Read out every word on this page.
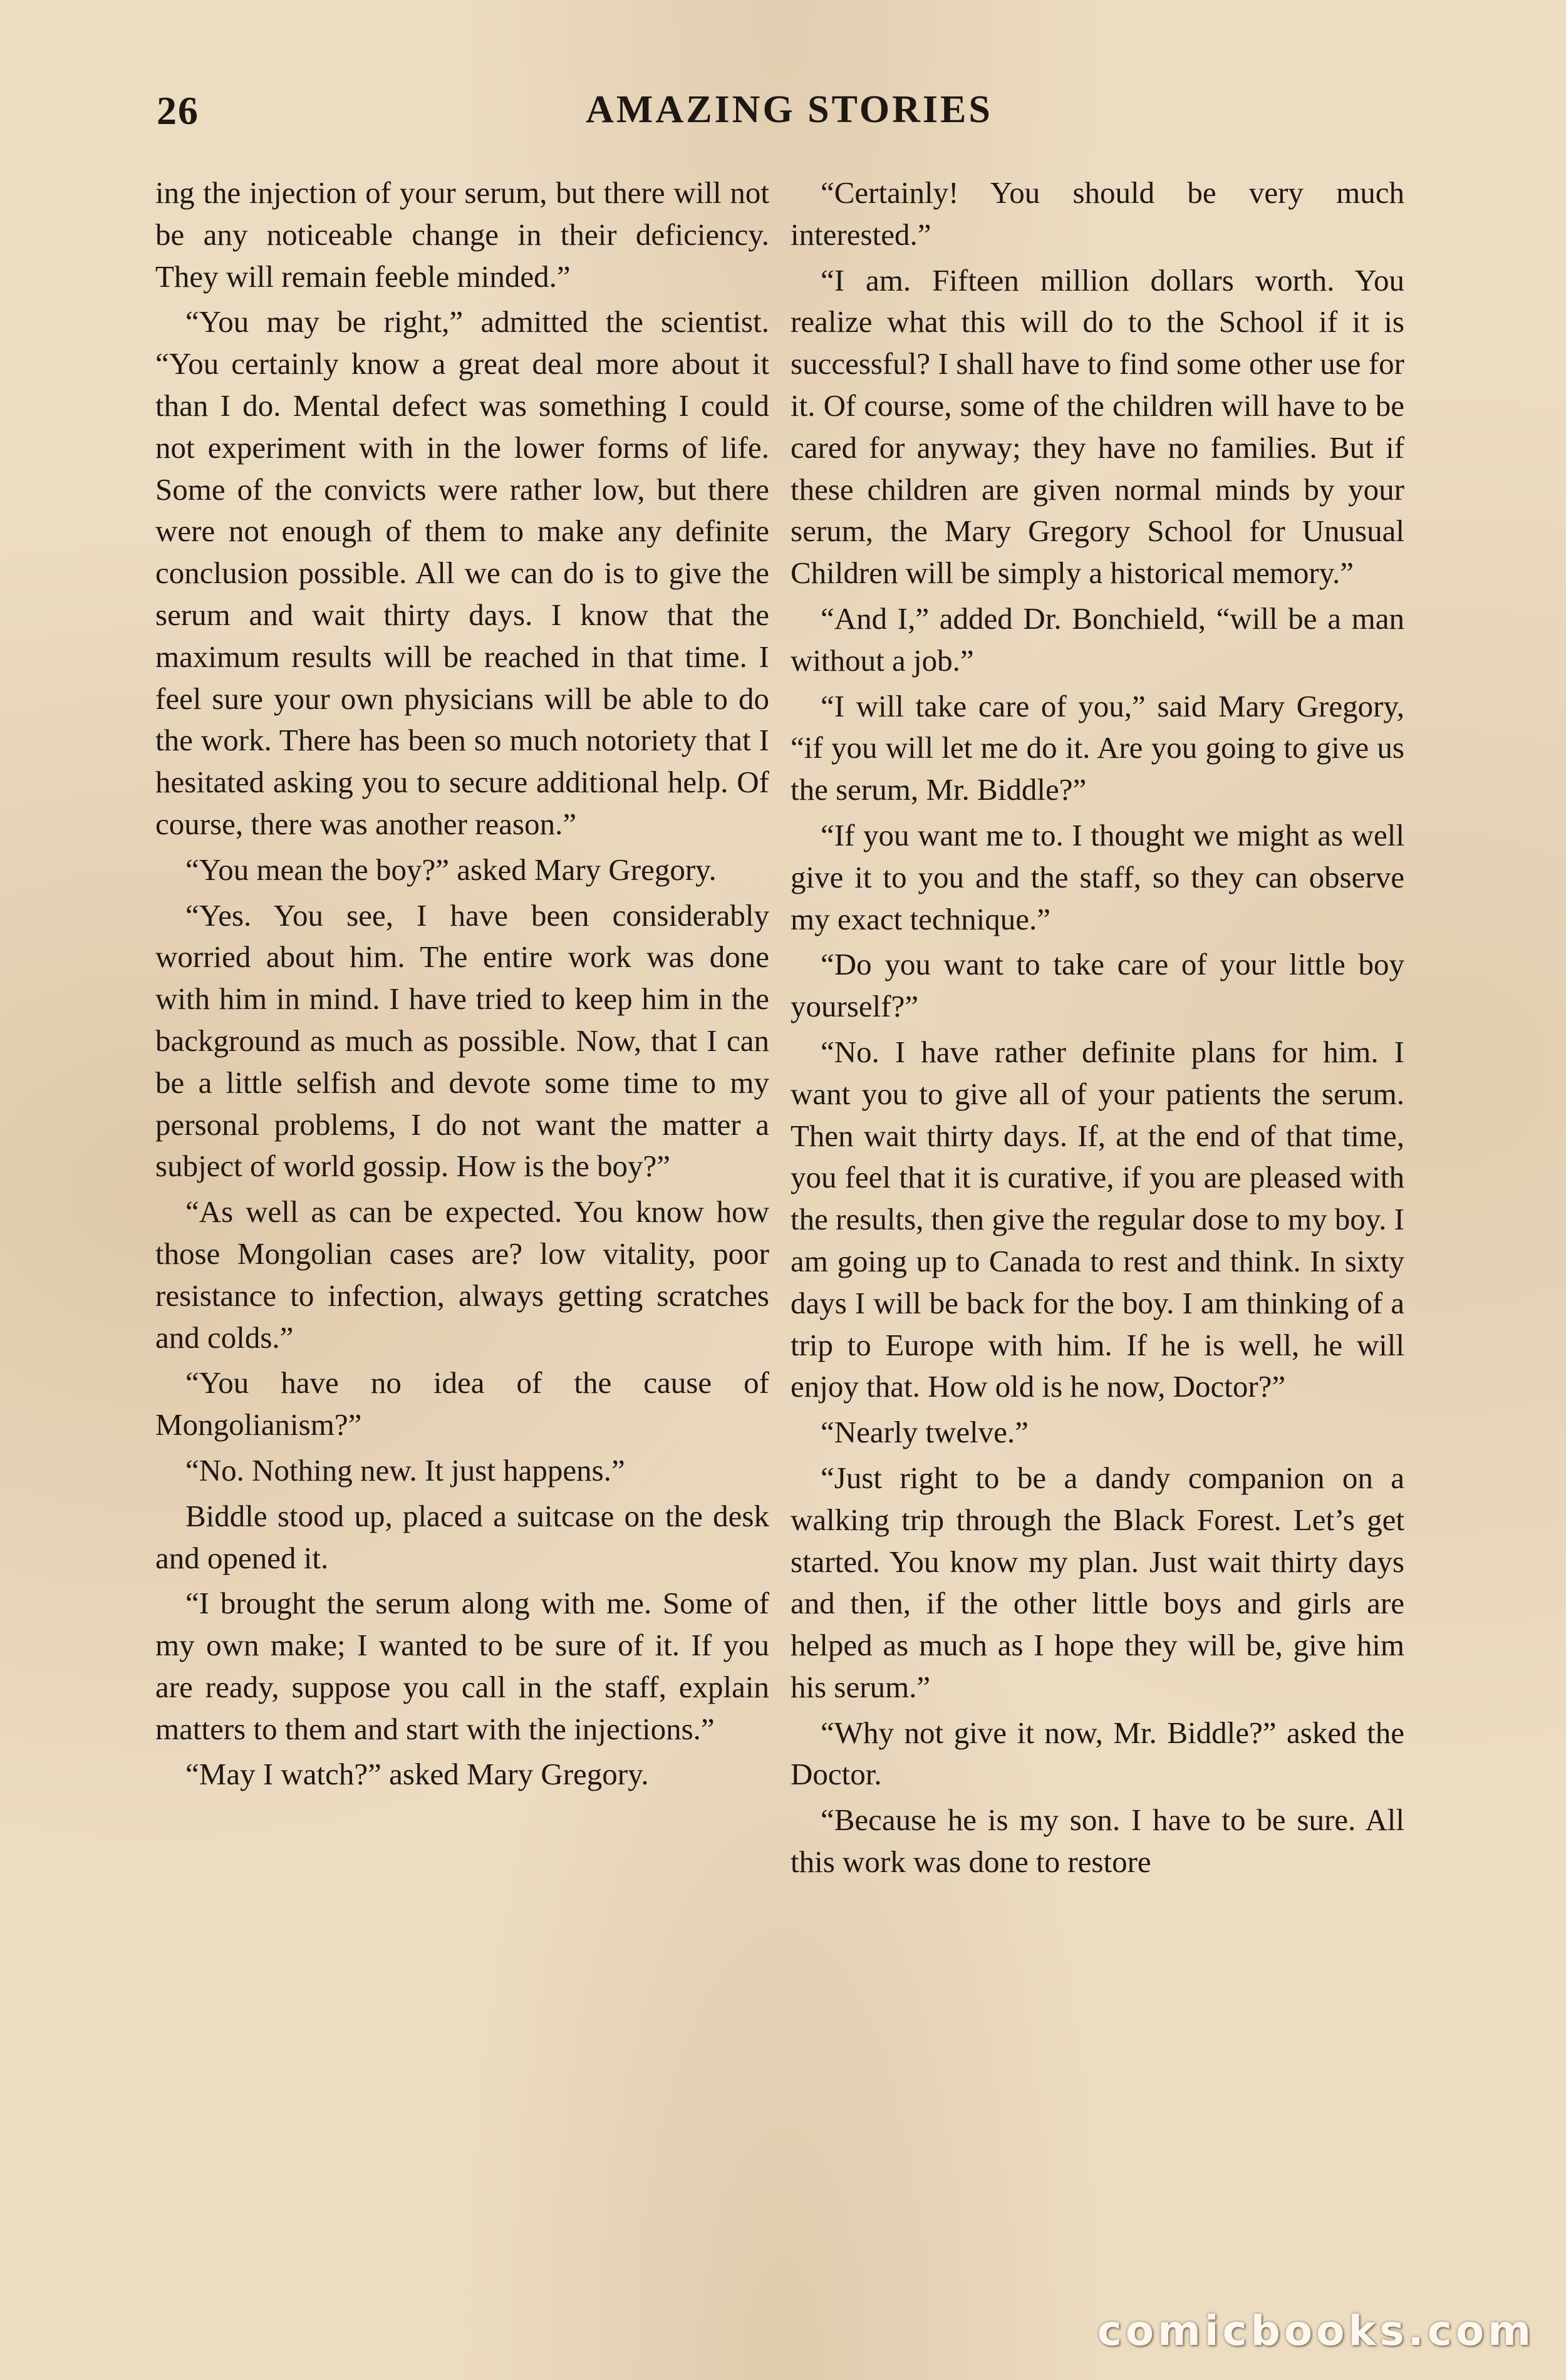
26	AMAZING STORIES

ing the injection of your serum, but there will not be any noticeable change in their deficiency. They will remain feeble minded.”

“You may be right,” admitted the scientist. “You certainly know a great deal more about it than I do. Mental defect was something I could not experiment with in the lower forms of life. Some of the convicts were rather low, but there were not enough of them to make any definite conclusion possible. All we can do is to give the serum and wait thirty days. I know that the maximum results will be reached in that time. I feel sure your own physicians will be able to do the work. There has been so much notoriety that I hesitated asking you to secure additional help. Of course, there was another reason.”

“You mean the boy?” asked Mary Gregory.

“Yes. You see, I have been considerably worried about him. The entire work was done with him in mind. I have tried to keep him in the background as much as possible. Now, that I can be a little selfish and devote some time to my personal problems, I do not want the matter a subject of world gossip. How is the boy?”

“As well as can be expected. You know how those Mongolian cases are? low vitality, poor resistance to infection, always getting scratches and colds.”

“You have no idea of the cause of Mongolianism?”

“No. Nothing new. It just happens.”

Biddle stood up, placed a suitcase on the desk and opened it.

“I brought the serum along with me. Some of my own make; I wanted to be sure of it. If you are ready, suppose you call in the staff, explain matters to them and start with the injections.”

“May I watch?” asked Mary Gregory.

“Certainly! You should be very much interested.”

“I am. Fifteen million dollars worth. You realize what this will do to the School if it is successful? I shall have to find some other use for it. Of course, some of the children will have to be cared for anyway; they have no families. But if these children are given normal minds by your serum, the Mary Gregory School for Unusual Children will be simply a historical memory.”

“And I,” added Dr. Bonchield, “will be a man without a job.”

“I will take care of you,” said Mary Gregory, “if you will let me do it. Are you going to give us the serum, Mr. Biddle?”

“If you want me to. I thought we might as well give it to you and the staff, so they can observe my exact technique.”

“Do you want to take care of your little boy yourself?”

“No. I have rather definite plans for him. I want you to give all of your patients the serum. Then wait thirty days. If, at the end of that time, you feel that it is curative, if you are pleased with the results, then give the regular dose to my boy. I am going up to Canada to rest and think. In sixty days I will be back for the boy. I am thinking of a trip to Europe with him. If he is well, he will enjoy that. How old is he now, Doctor?”

“Nearly twelve.”

“Just right to be a dandy companion on a walking trip through the Black Forest. Let’s get started. You know my plan. Just wait thirty days and then, if the other little boys and girls are helped as much as I hope they will be, give him his serum.”

“Why not give it now, Mr. Biddle?” asked the Doctor.

“Because he is my son. I have to be sure. All this work was done to restore

comicbooks.com
